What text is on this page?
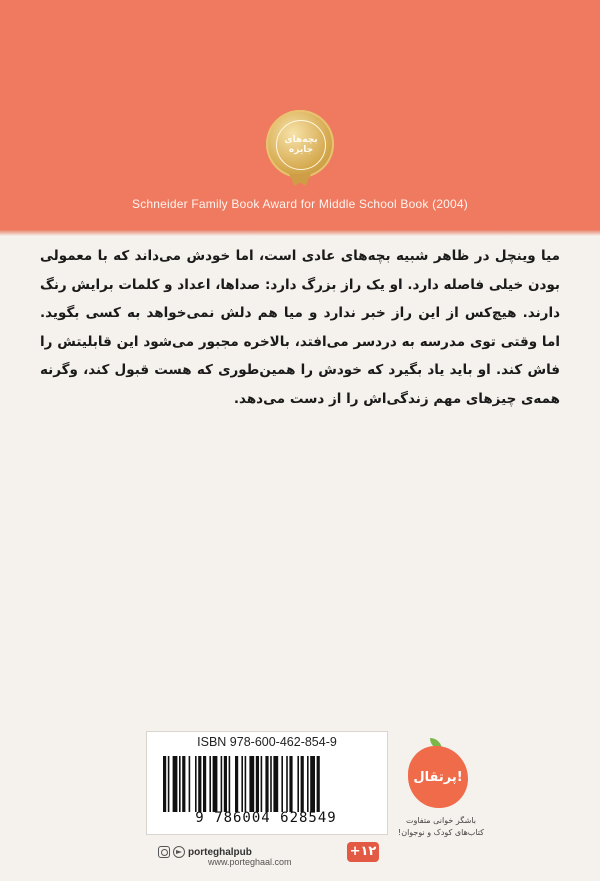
بچه‌های
جایزه
Schneider Family Book Award for Middle School Book (2004)

میا وینچل در ظاهر شبیه بچه‌های عادی است، اما خودش می‌داند که با معمولی بودن خیلی فاصله دارد. او یک راز بزرگ دارد: صداها، اعداد و کلمات برایش رنگ دارند. هیچ‌کس از این راز خبر ندارد و میا هم دلش نمی‌خواهد به کسی بگوید. اما وقتی توی مدرسه به دردسر می‌افتد، بالاخره مجبور می‌شود این قابلیتش را فاش کند. او باید یاد بگیرد که خودش را همین‌طوری که هست قبول کند، وگرنه همه‌ی چیزهای مهم زندگی‌اش را از دست می‌دهد.

ISBN 978-600-462-854-9
9 786004 628549
porteghalpub
www.porteghaal.com
+۱۲
پرتقال!
باشگر خوانی متفاوت کتاب‌های کودک و نوجوان!
